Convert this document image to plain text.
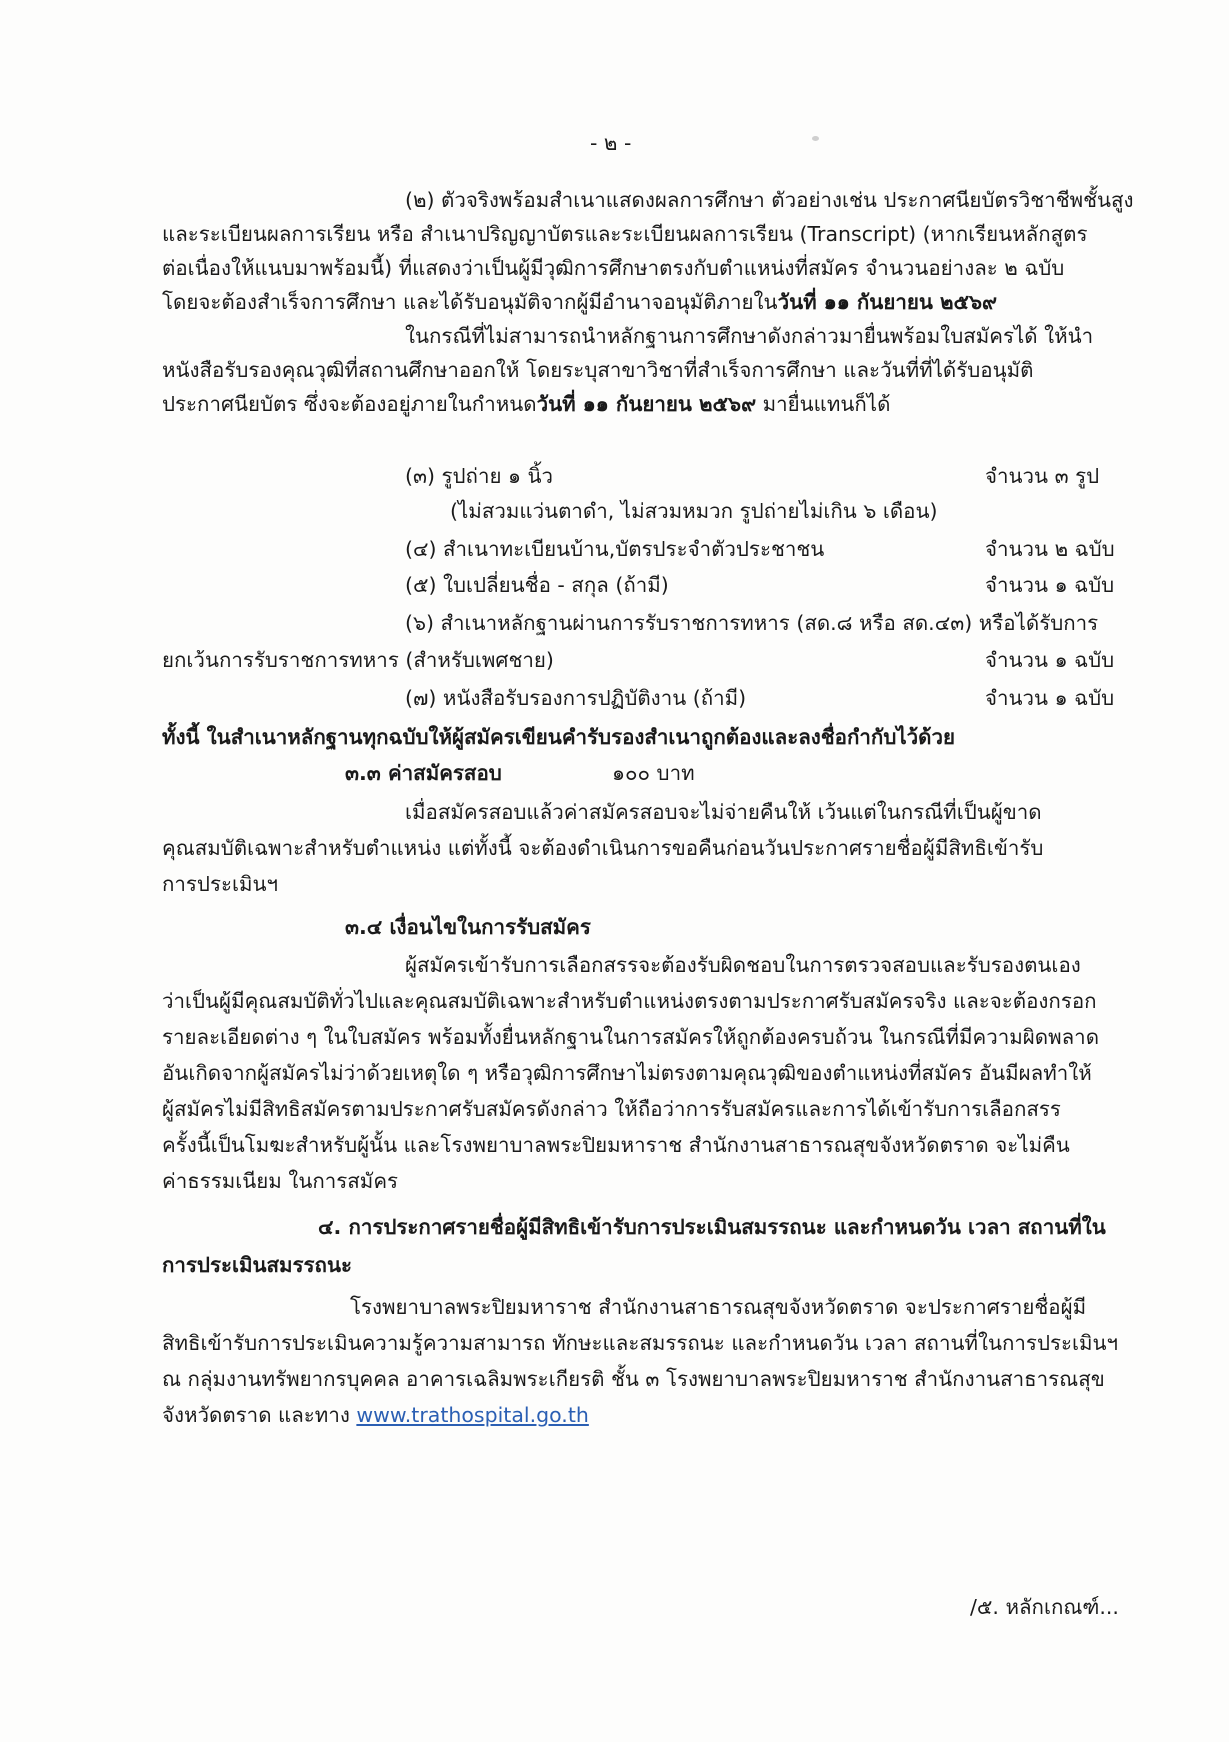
- ๒ -
(๒) ตัวจริงพร้อมสำเนาแสดงผลการศึกษา ตัวอย่างเช่น ประกาศนียบัตรวิชาชีพชั้นสูง
และระเบียนผลการเรียน หรือ สำเนาปริญญาบัตรและระเบียนผลการเรียน (Transcript) (หากเรียนหลักสูตร
ต่อเนื่องให้แนบมาพร้อมนี้) ที่แสดงว่าเป็นผู้มีวุฒิการศึกษาตรงกับตำแหน่งที่สมัคร จำนวนอย่างละ ๒ ฉบับ
โดยจะต้องสำเร็จการศึกษา และได้รับอนุมัติจากผู้มีอำนาจอนุมัติภายในวันที่ ๑๑ กันยายน ๒๕๖๙
ในกรณีที่ไม่สามารถนำหลักฐานการศึกษาดังกล่าวมายื่นพร้อมใบสมัครได้ ให้นำ
หนังสือรับรองคุณวุฒิที่สถานศึกษาออกให้ โดยระบุสาขาวิชาที่สำเร็จการศึกษา และวันที่ที่ได้รับอนุมัติ
ประกาศนียบัตร ซึ่งจะต้องอยู่ภายในกำหนดวันที่ ๑๑ กันยายน ๒๕๖๙ มายื่นแทนก็ได้
(๓) รูปถ่าย ๑ นิ้ว	จำนวน ๓ รูป
(ไม่สวมแว่นตาดำ, ไม่สวมหมวก รูปถ่ายไม่เกิน ๖ เดือน)
(๔) สำเนาทะเบียนบ้าน,บัตรประจำตัวประชาชน	จำนวน ๒ ฉบับ
(๕) ใบเปลี่ยนชื่อ - สกุล (ถ้ามี)	จำนวน ๑ ฉบับ
(๖) สำเนาหลักฐานผ่านการรับราชการทหาร (สด.๘ หรือ สด.๔๓) หรือได้รับการ
ยกเว้นการรับราชการทหาร (สำหรับเพศชาย)	จำนวน ๑ ฉบับ
(๗) หนังสือรับรองการปฏิบัติงาน (ถ้ามี)	จำนวน ๑ ฉบับ
ทั้งนี้ ในสำเนาหลักฐานทุกฉบับให้ผู้สมัครเขียนคำรับรองสำเนาถูกต้องและลงชื่อกำกับไว้ด้วย
๓.๓ ค่าสมัครสอบ	๑๐๐ บาท
เมื่อสมัครสอบแล้วค่าสมัครสอบจะไม่จ่ายคืนให้ เว้นแต่ในกรณีที่เป็นผู้ขาด
คุณสมบัติเฉพาะสำหรับตำแหน่ง แต่ทั้งนี้ จะต้องดำเนินการขอคืนก่อนวันประกาศรายชื่อผู้มีสิทธิเข้ารับ
การประเมินฯ
๓.๔ เงื่อนไขในการรับสมัคร
ผู้สมัครเข้ารับการเลือกสรรจะต้องรับผิดชอบในการตรวจสอบและรับรองตนเอง
ว่าเป็นผู้มีคุณสมบัติทั่วไปและคุณสมบัติเฉพาะสำหรับตำแหน่งตรงตามประกาศรับสมัครจริง และจะต้องกรอก
รายละเอียดต่าง ๆ ในใบสมัคร พร้อมทั้งยื่นหลักฐานในการสมัครให้ถูกต้องครบถ้วน ในกรณีที่มีความผิดพลาด
อันเกิดจากผู้สมัครไม่ว่าด้วยเหตุใด ๆ หรือวุฒิการศึกษาไม่ตรงตามคุณวุฒิของตำแหน่งที่สมัคร อันมีผลทำให้
ผู้สมัครไม่มีสิทธิสมัครตามประกาศรับสมัครดังกล่าว ให้ถือว่าการรับสมัครและการได้เข้ารับการเลือกสรร
ครั้งนี้เป็นโมฆะสำหรับผู้นั้น และโรงพยาบาลพระปิยมหาราช สำนักงานสาธารณสุขจังหวัดตราด จะไม่คืน
ค่าธรรมเนียม ในการสมัคร
๔. การประกาศรายชื่อผู้มีสิทธิเข้ารับการประเมินสมรรถนะ และกำหนดวัน เวลา สถานที่ใน
การประเมินสมรรถนะ
โรงพยาบาลพระปิยมหาราช สำนักงานสาธารณสุขจังหวัดตราด จะประกาศรายชื่อผู้มี
สิทธิเข้ารับการประเมินความรู้ความสามารถ ทักษะและสมรรถนะ และกำหนดวัน เวลา สถานที่ในการประเมินฯ
ณ กลุ่มงานทรัพยากรบุคคล อาคารเฉลิมพระเกียรติ ชั้น ๓ โรงพยาบาลพระปิยมหาราช สำนักงานสาธารณสุข
จังหวัดตราด และทาง www.trathospital.go.th
/๕. หลักเกณฑ์...
